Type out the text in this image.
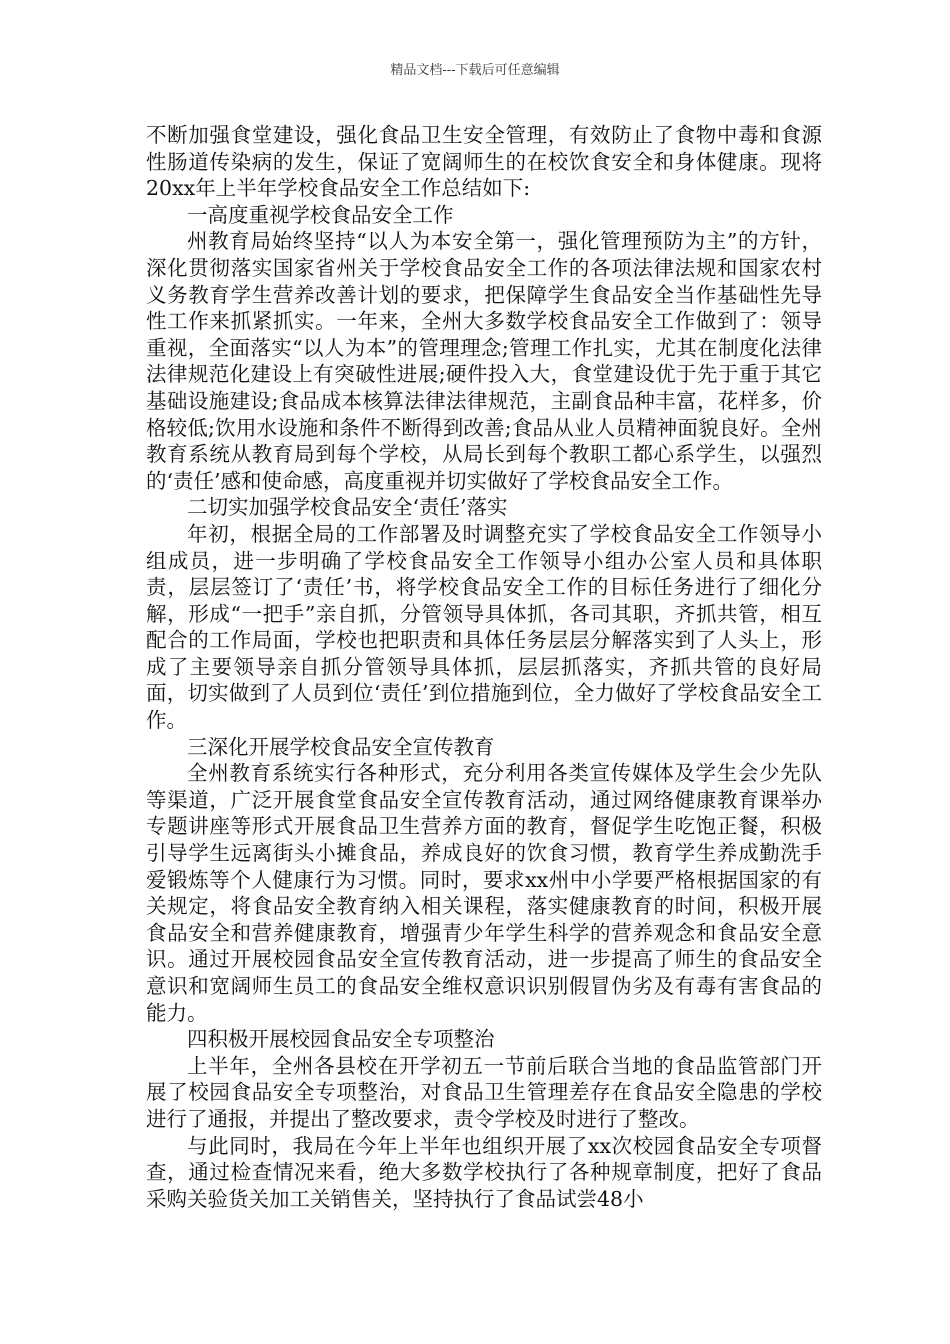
精品文档---下载后可任意编辑

不断加强食堂建设，强化食品卫生安全管理，有效防止了食物中毒和食源性肠道传染病的发生，保证了宽阔师生的在校饮食安全和身体健康。现将20xx年上半年学校食品安全工作总结如下:

一高度重视学校食品安全工作

州教育局始终坚持“以人为本安全第一，强化管理预防为主”的方针，深化贯彻落实国家省州关于学校食品安全工作的各项法律法规和国家农村义务教育学生营养改善计划的要求，把保障学生食品安全当作基础性先导性工作来抓紧抓实。一年来，全州大多数学校食品安全工作做到了：领导重视，全面落实“以人为本”的管理理念;管理工作扎实，尤其在制度化法律法律规范化建设上有突破性进展;硬件投入大，食堂建设优于先于重于其它基础设施建设;食品成本核算法律法律规范，主副食品种丰富，花样多，价格较低;饮用水设施和条件不断得到改善;食品从业人员精神面貌良好。全州教育系统从教育局到每个学校，从局长到每个教职工都心系学生，以强烈的‘责任’感和使命感，高度重视并切实做好了学校食品安全工作。

二切实加强学校食品安全‘责任’落实

年初，根据全局的工作部署及时调整充实了学校食品安全工作领导小组成员，进一步明确了学校食品安全工作领导小组办公室人员和具体职责，层层签订了‘责任’书，将学校食品安全工作的目标任务进行了细化分解，形成“一把手”亲自抓，分管领导具体抓，各司其职，齐抓共管，相互配合的工作局面，学校也把职责和具体任务层层分解落实到了人头上，形成了主要领导亲自抓分管领导具体抓，层层抓落实，齐抓共管的良好局面，切实做到了人员到位‘责任’到位措施到位，全力做好了学校食品安全工作。

三深化开展学校食品安全宣传教育

全州教育系统实行各种形式，充分利用各类宣传媒体及学生会少先队等渠道，广泛开展食堂食品安全宣传教育活动，通过网络健康教育课举办专题讲座等形式开展食品卫生营养方面的教育，督促学生吃饱正餐，积极引导学生远离街头小摊食品，养成良好的饮食习惯，教育学生养成勤洗手爱锻炼等个人健康行为习惯。同时，要求xx州中小学要严格根据国家的有关规定，将食品安全教育纳入相关课程，落实健康教育的时间，积极开展食品安全和营养健康教育，增强青少年学生科学的营养观念和食品安全意识。通过开展校园食品安全宣传教育活动，进一步提高了师生的食品安全意识和宽阔师生员工的食品安全维权意识识别假冒伪劣及有毒有害食品的能力。

四积极开展校园食品安全专项整治

上半年，全州各县校在开学初五一节前后联合当地的食品监管部门开展了校园食品安全专项整治，对食品卫生管理差存在食品安全隐患的学校进行了通报，并提出了整改要求，责令学校及时进行了整改。

与此同时，我局在今年上半年也组织开展了xx次校园食品安全专项督查，通过检查情况来看，绝大多数学校执行了各种规章制度，把好了食品采购关验货关加工关销售关，坚持执行了食品试尝48小
